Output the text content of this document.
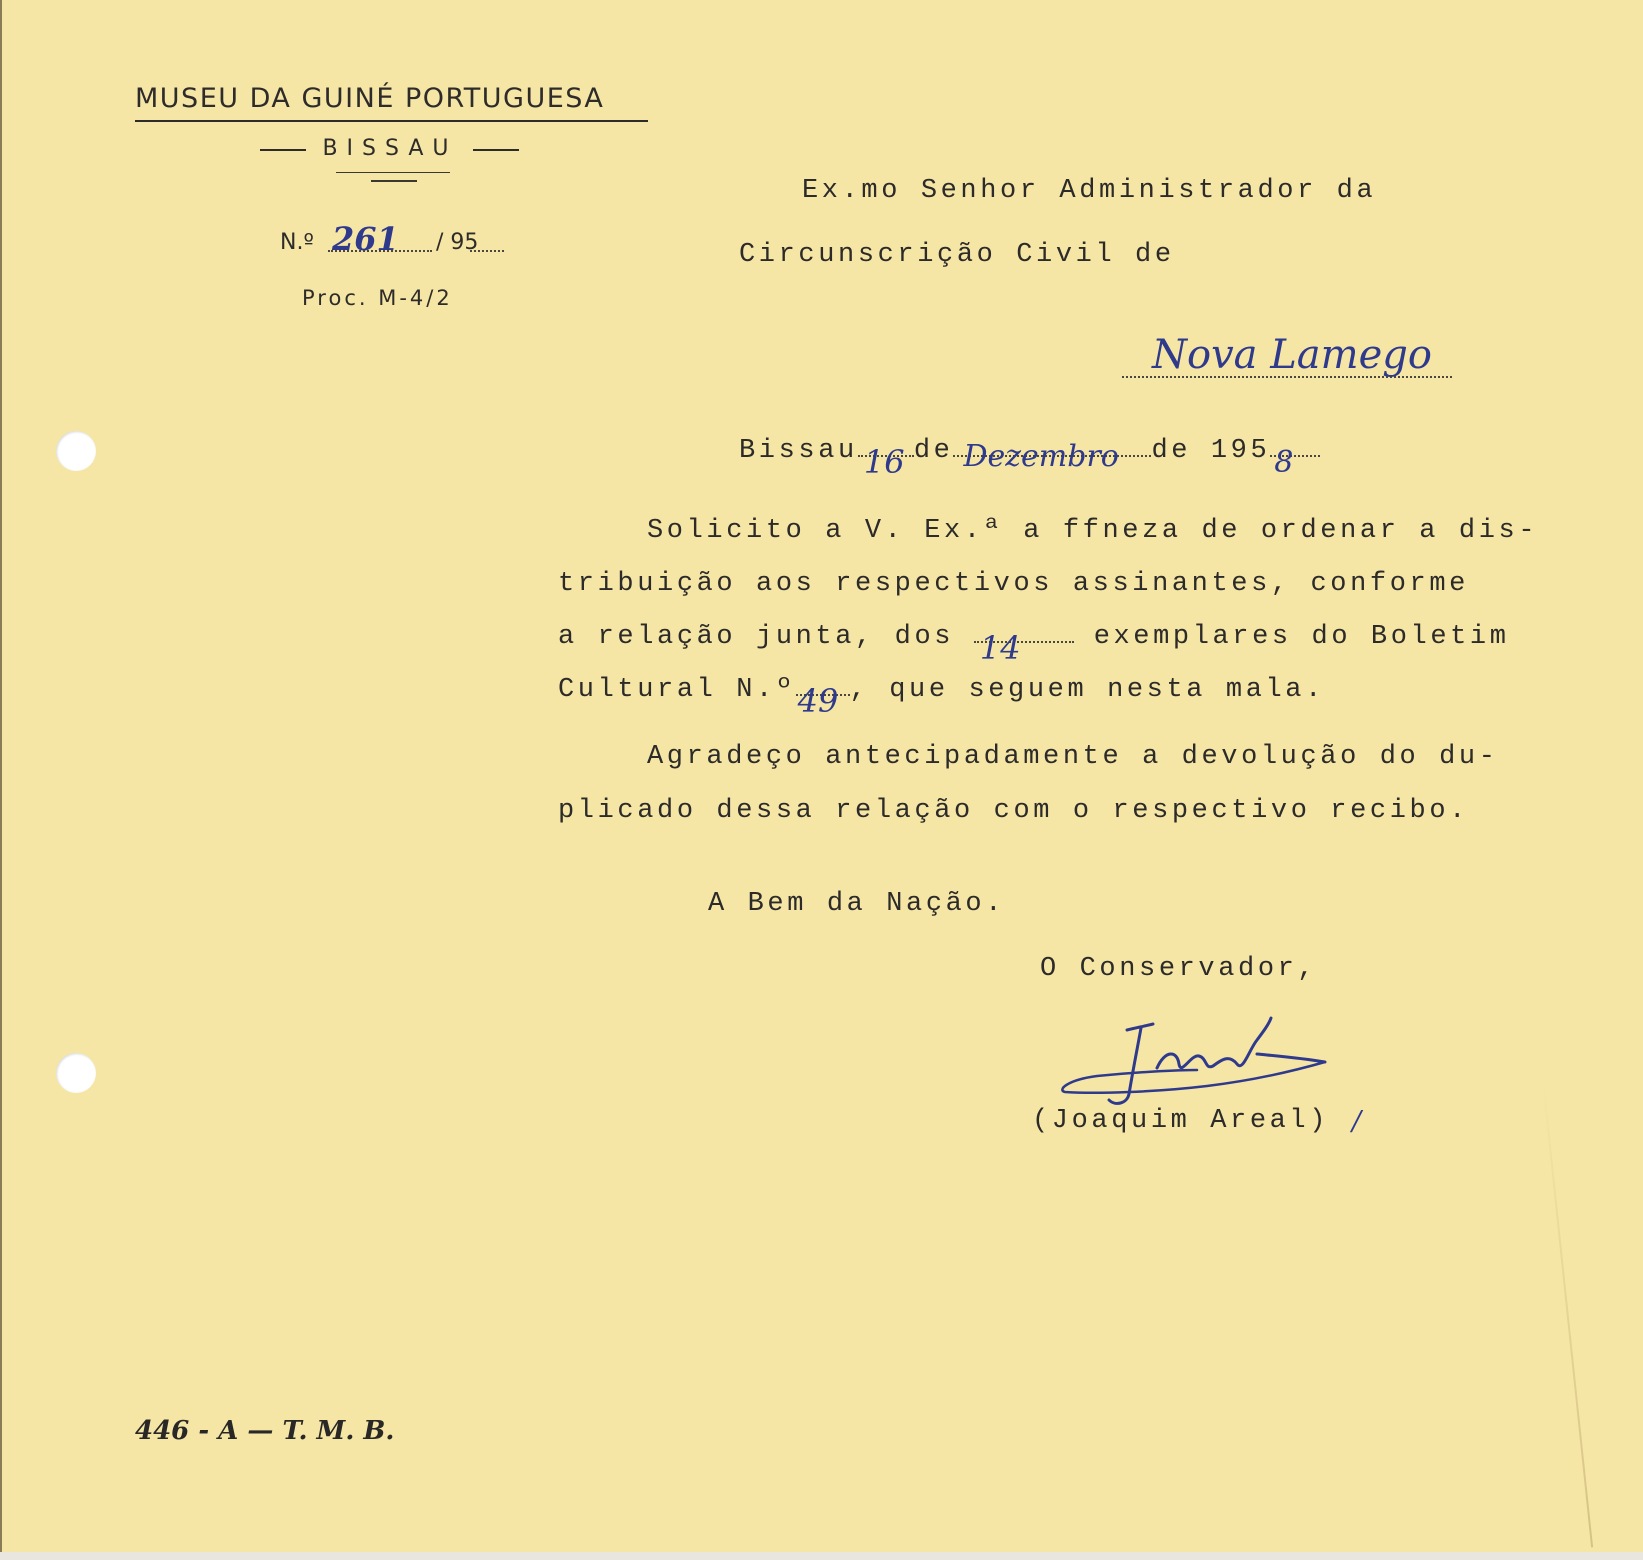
MUSEU DA GUINÉ PORTUGUESA
BISSAU
N.º 261 / 95
Proc. M-4/2
Ex.mo Senhor Administrador da
Circunscrição Civil de
Nova Lamego
Bissau 16 de Dezembro de 195 8
Solicito a V. Ex.ª a ffneza de ordenar a dis-
tribuição aos respectivos assinantes, conforme
a relação junta, dos 14	exemplares do Boletim
Cultural N.º 49 , que seguem nesta mala.
Agradeço antecipadamente a devolução do du-
plicado dessa relação com o respectivo recibo.
A Bem da Nação.
O Conservador,
(Joaquim Areal) /
446 - A — T. M. B.
